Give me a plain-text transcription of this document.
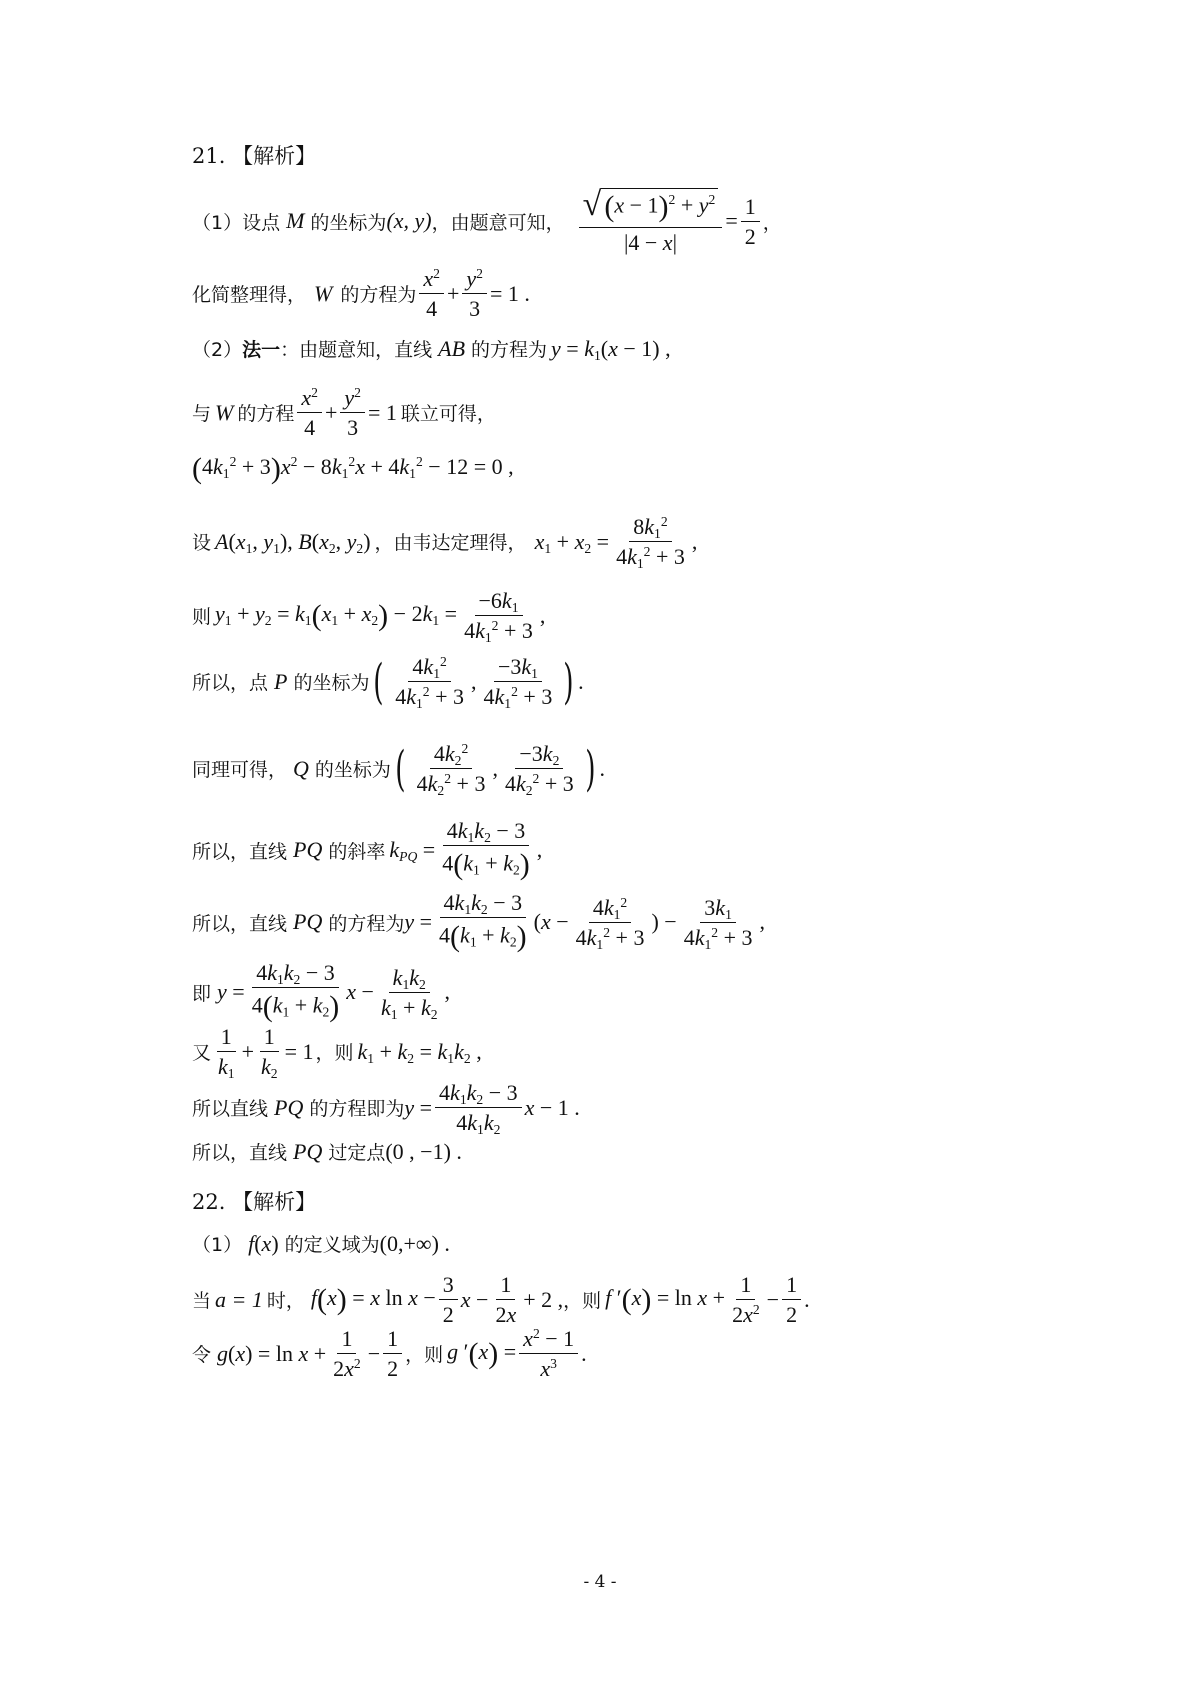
21. 【解析】
（1）设点 M 的坐标为 (x, y) ，由题意可知， $\frac{√ (x - 1)^2 + y^2}{|4 - x|} = \frac{1}{2}$ ，
化简整理得， W 的方程为
$x^2$
4
+ $\frac{y^2}{3} = 1$ .
（2） 法一 ：由题意知，直线 AB 的方程为 $y = k_1(x - 1)$ ,
与 W 的方程
$x^2$
4
+ $\frac{y^2}{3} = 1$ 联立可得，
$(4k_1^2 + 3)x^2 - 8k_1^2x + 4k_1^2 - 12 = 0$ ,
设 $A(x_1$, $y_1$), $B(x_2$, $y_2$) ，由韦达定理得， $x_1 + x_2 = \frac{8k_1^2}{4k_1^2 + 3}$ ,
则 $y_1 + y_2 = k_1(x_1 + x_2) - 2k_1 = \frac{-6k_1}{4k_1^2 + 3}$ ,
所以，点 P 的坐标为 ( $4k_1^2$
$4k_1^2 + 3$
,
$-3k_1$
$4k_1^2 + 3$ ) .
同理可得， Q 的坐标为 ( $4k_2^2$
$4k_2^2 + 3$
,
$-3k_2$
$4k_2^2 + 3$ ) .
所以，直线 PQ 的斜率 $k_{PQ} = \frac{4k_1k_2 - 3}{4(k_1 + k_2)}$ ,
所以，直线 PQ 的方程为 $y = \frac{4k_1k_2 - 3}{4(k_1 + k_2)} (x - \frac{4k_1^2}{4k_1^2 + 3}$ ) − $\frac{3k_1}{4k_1^2 + 3}$ ,
即 $y = \frac{4k_1k_2 - 3}{4(k_1 + k_2)}$ $x - \frac{k_1k_2}{k_1 + k_2}$ ,
又
1
$k_1$
+ $\frac{1}{k_2} = 1$ ，则 $k_1 + k_2 = k_1k_2$ ,
所以直线 PQ 的方程即为 $y = \frac{4k_1k_2 - 3}{4k_1k_2}$ x − 1 .
所以，直线 PQ 过定点 (0 , −1) .
22. 【解析】
（1） f(x) 的定义域为 (0,+∞) .
当 a = 1 时， f(x) = x $\ln x - \frac{3}{2}$ $x - \frac{1}{2x} + 2$ , ，则 f $'(x) = \ln x + \frac{1}{2x^2} - \frac{1}{2}$ .
令 $g(x) = \ln x + \frac{1}{2x^2} - \frac{1}{2}$ ，则 g $'(x) = \frac{x^2 - 1}{x^3}$ .
- 4 -
